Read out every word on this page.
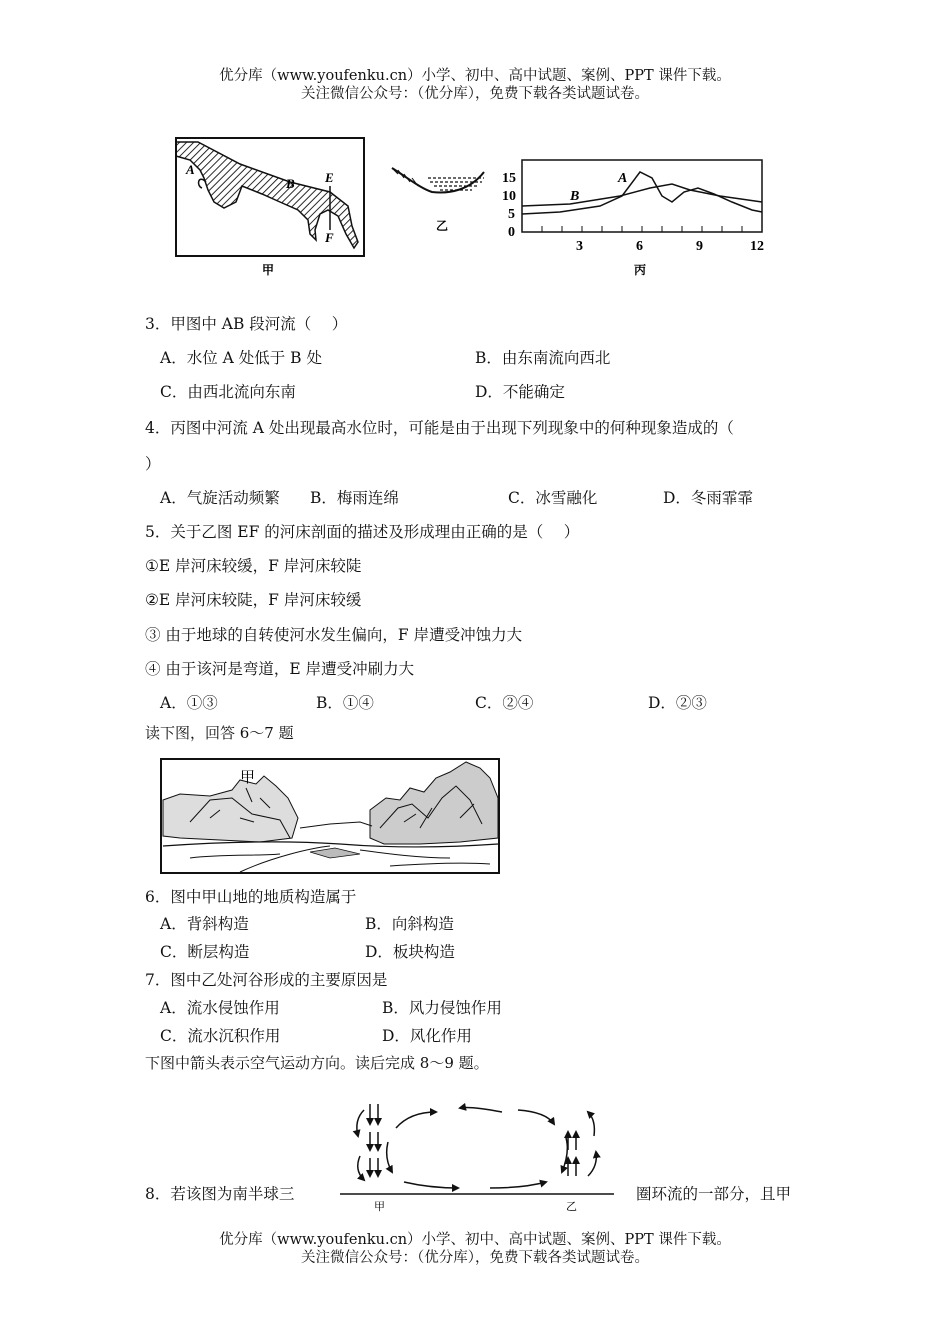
优分库（www.youfenku.cn）小学、初中、高中试题、案例、PPT 课件下载。
关注微信公众号：（优分库），免费下载各类试题试卷。
A
B E
F
甲
乙
15
10
5
0
3	6	9	12
A
B
丙
3．甲图中 AB 段河流（　 ）
A．水位 A 处低于 B 处	B．由东南流向西北
C．由西北流向东南	D．不能确定
4．丙图中河流 A 处出现最高水位时，可能是由于出现下列现象中的何种现象造成的（
）
A．气旋活动频繁 B．梅雨连绵	C．冰雪融化	D．冬雨霏霏
5．关于乙图 EF 的河床剖面的描述及形成理由正确的是（　 ）
①E 岸河床较缓，F 岸河床较陡
②E 岸河床较陡，F 岸河床较缓
③ 由于地球的自转使河水发生偏向，F 岸遭受冲蚀力大
④ 由于该河是弯道，E 岸遭受冲刷力大
A．①③	B．①④	C．②④	D．②③
读下图，回答 6～7 题
甲
6．图中甲山地的地质构造属于
A．背斜构造	B．向斜构造
C．断层构造	D．板块构造
7．图中乙处河谷形成的主要原因是
A．流水侵蚀作用	B．风力侵蚀作用
C．流水沉积作用	D．风化作用
下图中箭头表示空气运动方向。读后完成 8～9 题。
甲	乙
8．若该图为南半球三	圈环流的一部分，且甲
优分库（www.youfenku.cn）小学、初中、高中试题、案例、PPT 课件下载。
关注微信公众号：（优分库），免费下载各类试题试卷。
